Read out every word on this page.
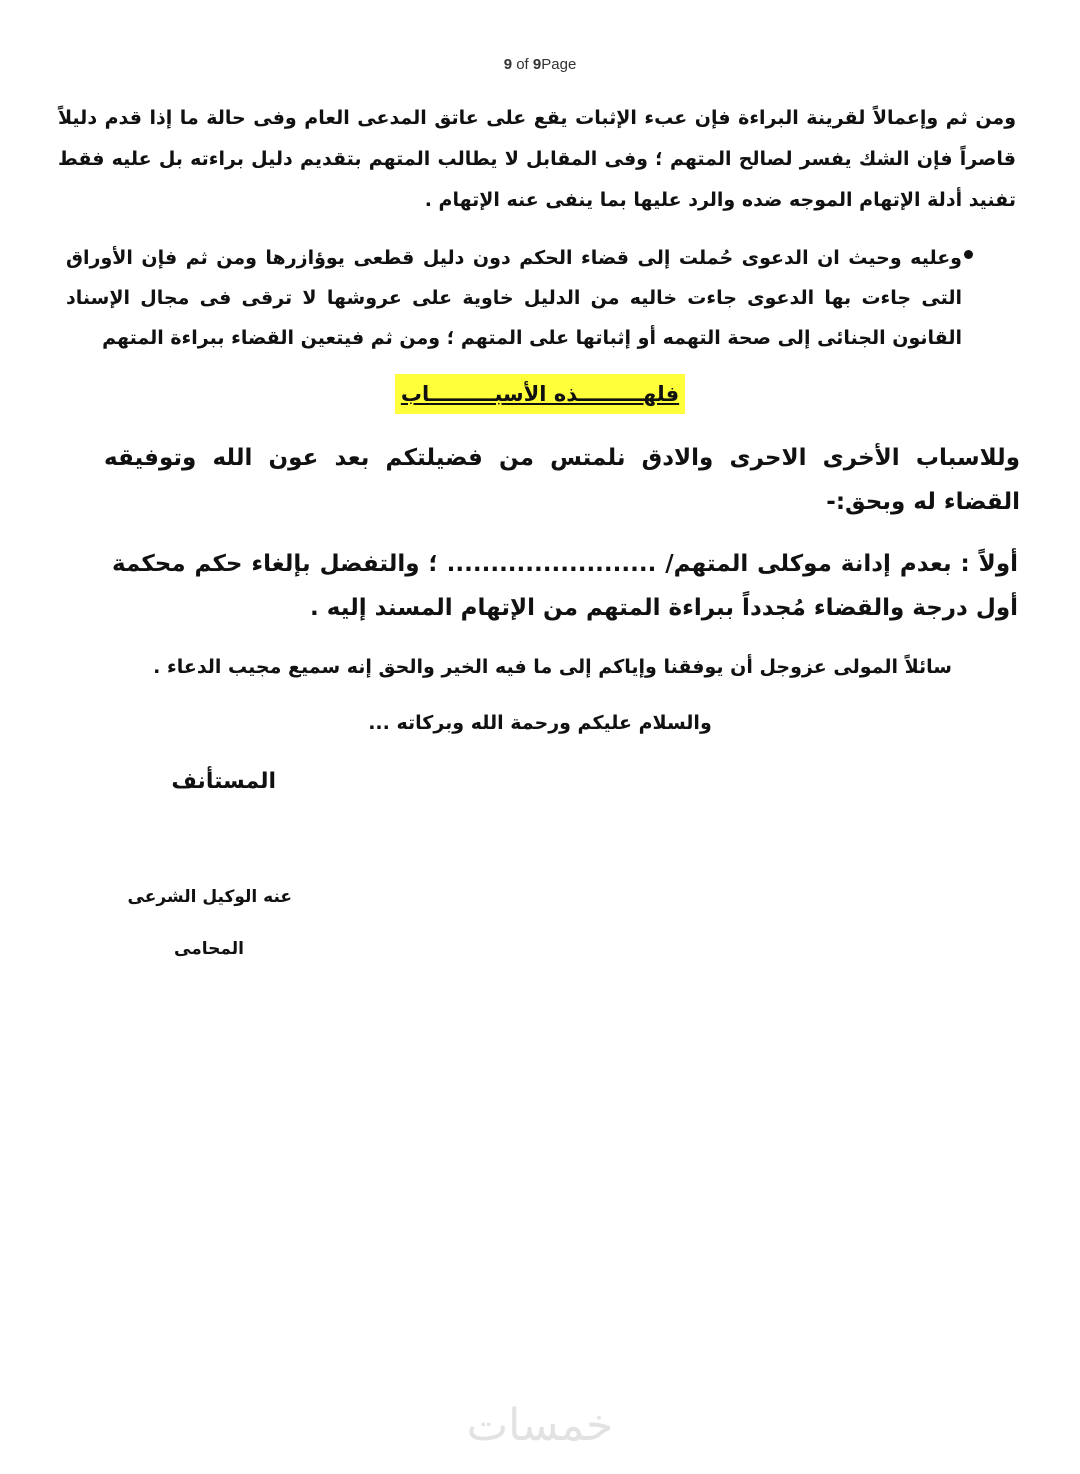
9 of 9Page
ومن ثم وإعمالاً لقرينة البراءة فإن عبء الإثبات يقع على عاتق المدعى العام وفى حالة ما إذا قدم دليلاً قاصراً فإن الشك يفسر لصالح المتهم ؛ وفى المقابل لا يطالب المتهم بتقديم دليل براءته بل عليه فقط تفنيد أدلة الإتهام الموجه ضده والرد عليها بما ينفى عنه الإتهام .
وعليه وحيث ان الدعوى حُملت إلى قضاء الحكم دون دليل قطعى يوؤازرها ومن ثم فإن الأوراق التى جاءت بها الدعوى جاءت خاليه من الدليل خاوية على عروشها لا ترقى فى مجال الإسناد القانون الجنائى إلى صحة التهمه أو إثباتها على المتهم ؛ ومن ثم فيتعين القضاء ببراءة المتهم
فلهـــــــــذه الأسبـــــــــاب
وللاسباب الأخرى الاحرى والادق نلمتس من فضيلتكم بعد عون الله وتوفيقه القضاء له وبحق:-
أولاً : بعدم إدانة موكلى المتهم/ ........................ ؛ والتفضل بإلغاء حكم محكمة أول درجة والقضاء مُجدداً ببراءة المتهم من الإتهام المسند إليه .
سائلاً المولى عزوجل أن يوفقنا وإياكم إلى ما فيه الخير والحق إنه سميع مجيب الدعاء .
والسلام عليكم ورحمة الله وبركاته ...
المستأنف
عنه الوكيل الشرعى
المحامى
خمسات
